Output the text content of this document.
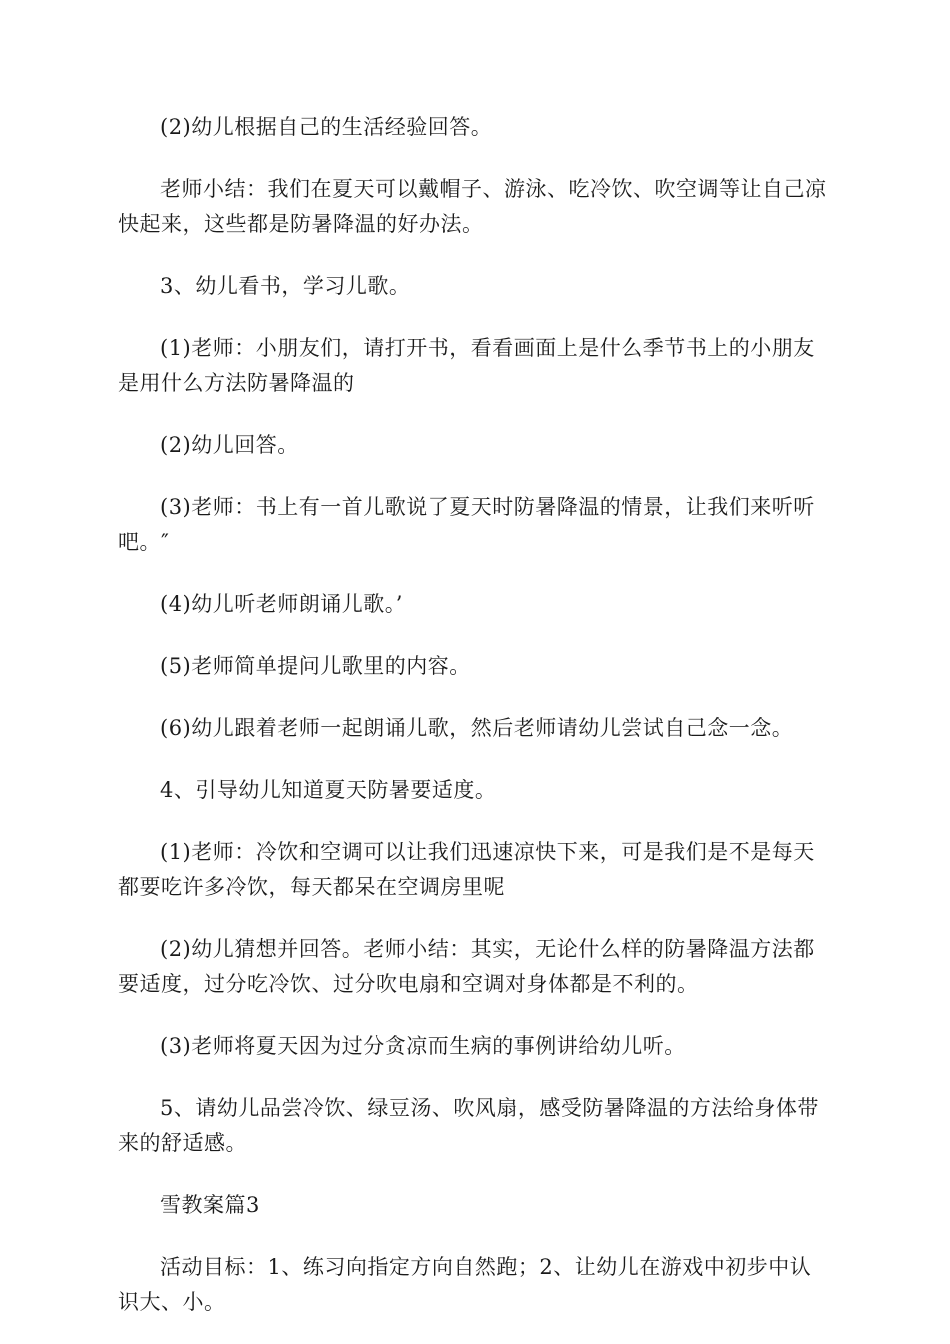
(2)幼儿根据自己的生活经验回答。

老师小结：我们在夏天可以戴帽子、游泳、吃冷饮、吹空调等让自己凉快起来，这些都是防暑降温的好办法。

3、幼儿看书，学习儿歌。

(1)老师：小朋友们，请打开书，看看画面上是什么季节书上的小朋友是用什么方法防暑降温的

(2)幼儿回答。

(3)老师：书上有一首儿歌说了夏天时防暑降温的情景，让我们来听听吧。″

(4)幼儿听老师朗诵儿歌。’

(5)老师简单提问儿歌里的内容。

(6)幼儿跟着老师一起朗诵儿歌，然后老师请幼儿尝试自己念一念。

4、引导幼儿知道夏天防暑要适度。

(1)老师：冷饮和空调可以让我们迅速凉快下来，可是我们是不是每天都要吃许多冷饮，每天都呆在空调房里呢

(2)幼儿猜想并回答。老师小结：其实，无论什么样的防暑降温方法都要适度，过分吃冷饮、过分吹电扇和空调对身体都是不利的。

(3)老师将夏天因为过分贪凉而生病的事例讲给幼儿听。

5、请幼儿品尝冷饮、绿豆汤、吹风扇，感受防暑降温的方法给身体带来的舒适感。

雪教案篇3

活动目标：1、练习向指定方向自然跑；2、让幼儿在游戏中初步中认识大、小。
